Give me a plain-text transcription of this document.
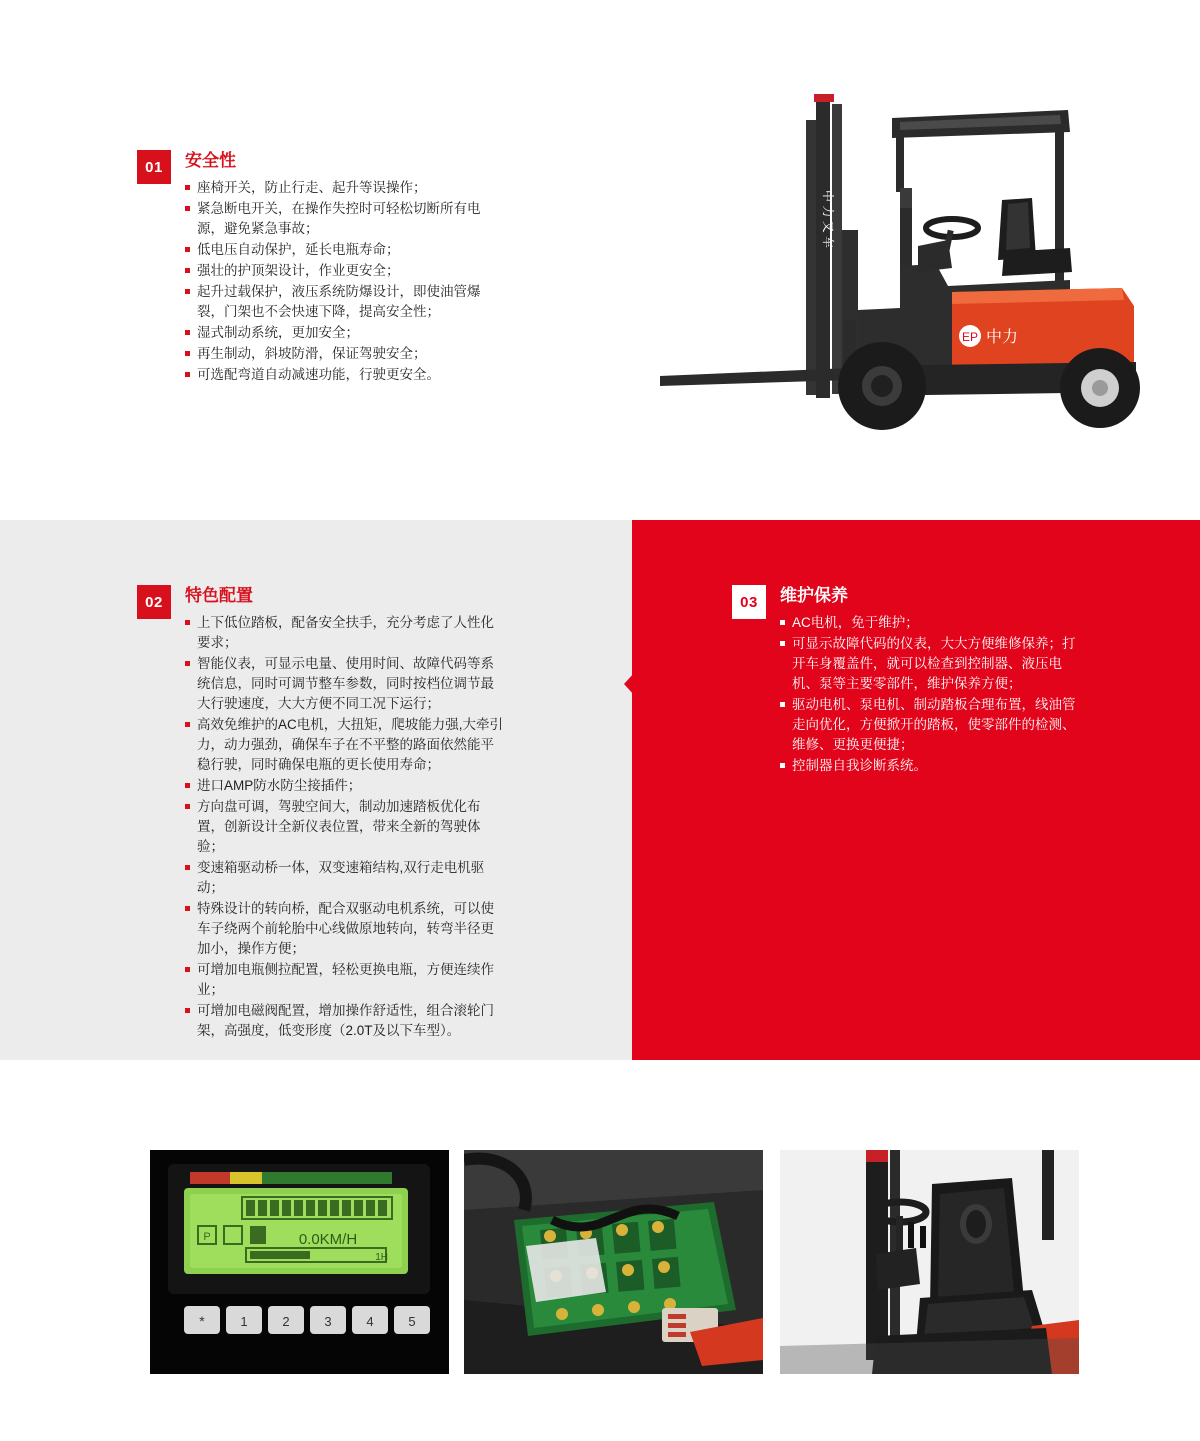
01	安全性
座椅开关，防止行走、起升等误操作；
紧急断电开关，在操作失控时可轻松切断所有电源，避免紧急事故；
低电压自动保护，延长电瓶寿命；
强壮的护顶架设计，作业更安全；
起升过载保护，液压系统防爆设计，即使油管爆裂，门架也不会快速下降，提高安全性；
湿式制动系统，更加安全；
再生制动，斜坡防滑，保证驾驶安全；
可选配弯道自动减速功能，行驶更安全。
中 力 叉 车
EP 中力
02	特色配置
上下低位踏板，配备安全扶手，充分考虑了人性化要求；
智能仪表，可显示电量、使用时间、故障代码等系统信息，同时可调节整车参数，同时按档位调节最大行驶速度，大大方便不同工况下运行；
高效免维护的AC电机，大扭矩，爬坡能力强,大牵引力，动力强劲，确保车子在不平整的路面依然能平稳行驶，同时确保电瓶的更长使用寿命；
进口AMP防水防尘接插件；
方向盘可调，驾驶空间大，制动加速踏板优化布置，创新设计全新仪表位置，带来全新的驾驶体验；
变速箱驱动桥一体，双变速箱结构,双行走电机驱动；
特殊设计的转向桥，配合双驱动电机系统，可以使车子绕两个前轮胎中心线做原地转向，转弯半径更加小，操作方便；
可增加电瓶侧拉配置，轻松更换电瓶，方便连续作业；
可增加电磁阀配置，增加操作舒适性，组合滚轮门架，高强度，低变形度（2.0T及以下车型）。
03	维护保养
AC电机，免于维护；
可显示故障代码的仪表，大大方便维修保养；打开车身覆盖件，就可以检查到控制器、液压电机、泵等主要零部件，维护保养方便；
驱动电机、泵电机、制动踏板合理布置，线油管走向优化，方便掀开的踏板，使零部件的检测、维修、更换更便捷；
控制器自我诊断系统。
P	0.0KM/H
1H
*	1	2	3	4	5
